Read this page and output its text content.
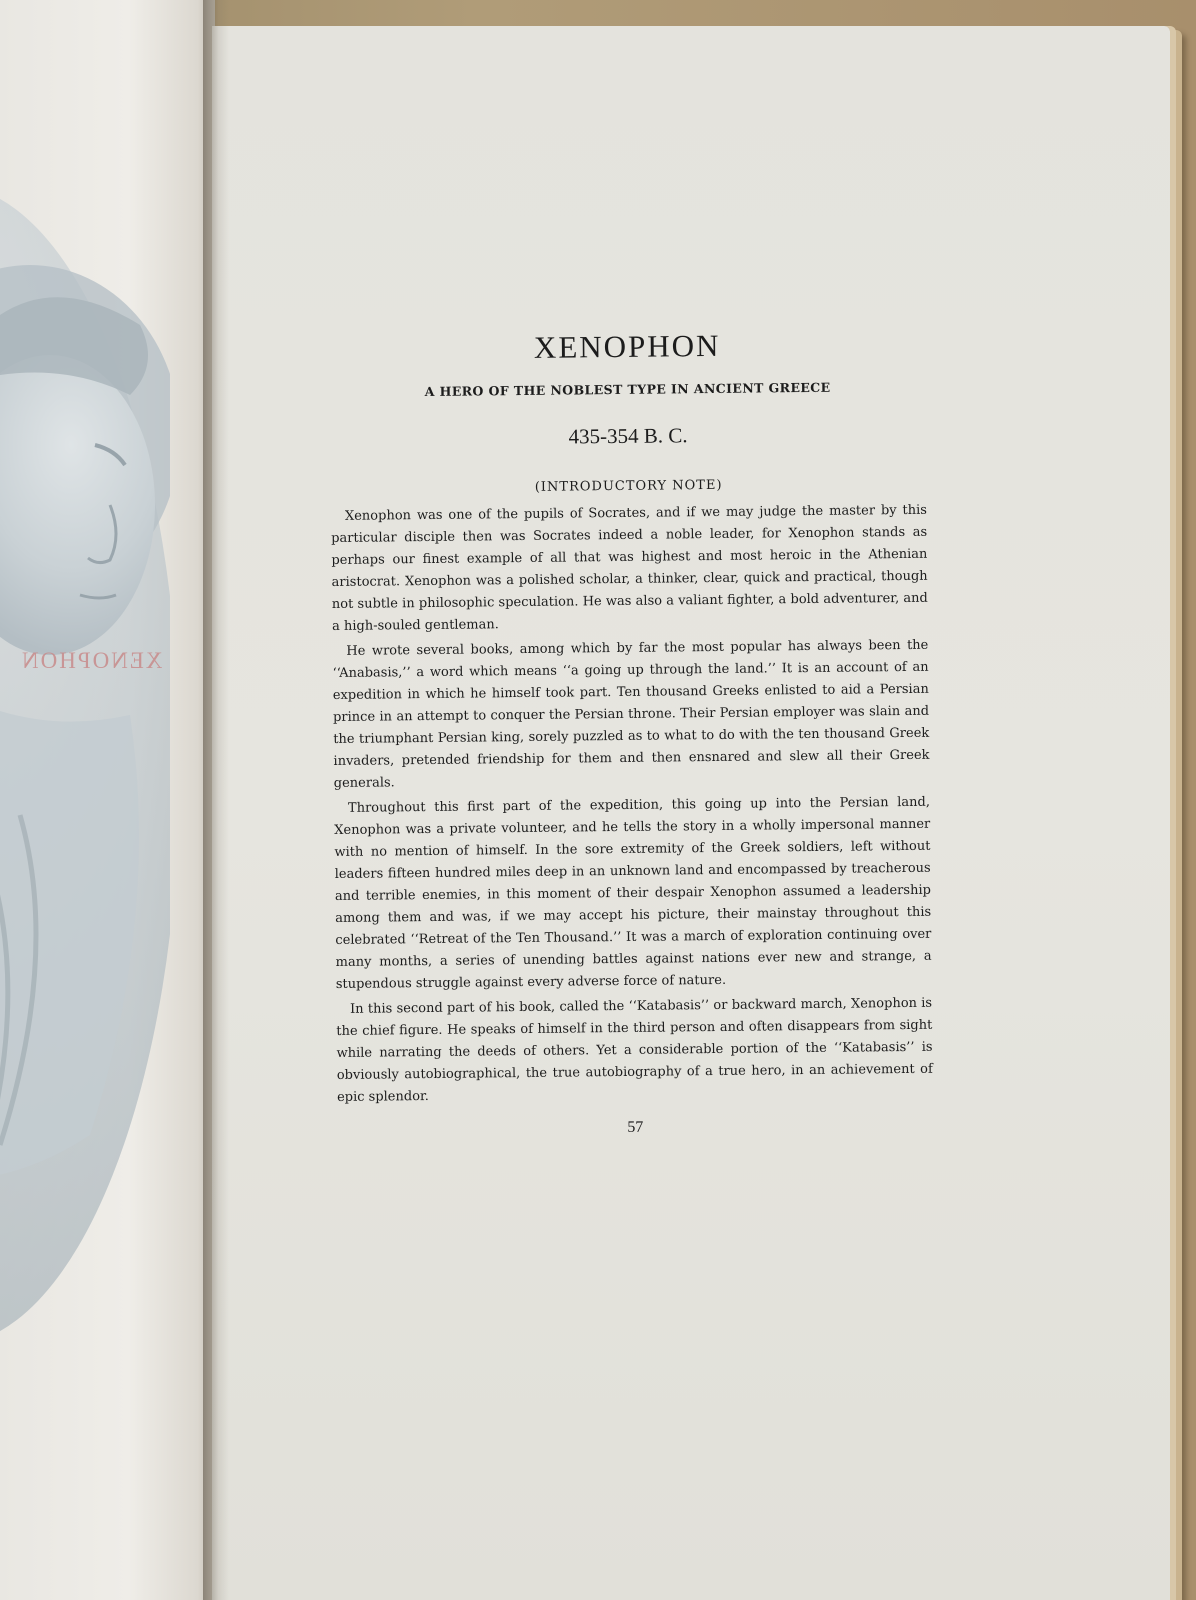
XENOPHON
XENOPHON
A HERO OF THE NOBLEST TYPE IN ANCIENT GREECE
435-354 B. C.
(INTRODUCTORY NOTE)

Xenophon was one of the pupils of Socrates, and if we may judge the master by this particular disciple then was Socrates indeed a noble leader, for Xenophon stands as perhaps our finest example of all that was highest and most heroic in the Athenian aristocrat. Xenophon was a polished scholar, a thinker, clear, quick and practical, though not subtle in philosophic speculation. He was also a valiant fighter, a bold adventurer, and a high-souled gentleman.

He wrote several books, among which by far the most popular has always been the ‘‘Anabasis,’’ a word which means ‘‘a going up through the land.’’ It is an account of an expedition in which he himself took part. Ten thousand Greeks enlisted to aid a Persian prince in an attempt to conquer the Persian throne. Their Persian employer was slain and the triumphant Persian king, sorely puzzled as to what to do with the ten thousand Greek invaders, pretended friendship for them and then ensnared and slew all their Greek generals.

Throughout this first part of the expedition, this going up into the Persian land, Xenophon was a private volunteer, and he tells the story in a wholly impersonal manner with no mention of himself. In the sore extremity of the Greek soldiers, left without leaders fifteen hundred miles deep in an unknown land and encompassed by treacherous and terrible enemies, in this moment of their despair Xenophon assumed a leadership among them and was, if we may accept his picture, their mainstay throughout this celebrated ‘‘Retreat of the Ten Thousand.’’ It was a march of exploration continuing over many months, a series of unending battles against nations ever new and strange, a stupendous struggle against every adverse force of nature.

In this second part of his book, called the ‘‘Katabasis’’ or backward march, Xenophon is the chief figure. He speaks of himself in the third person and often disappears from sight while narrating the deeds of others. Yet a considerable portion of the ‘‘Katabasis’’ is obviously autobiographical, the true autobiography of a true hero, in an achievement of epic splendor.

57
